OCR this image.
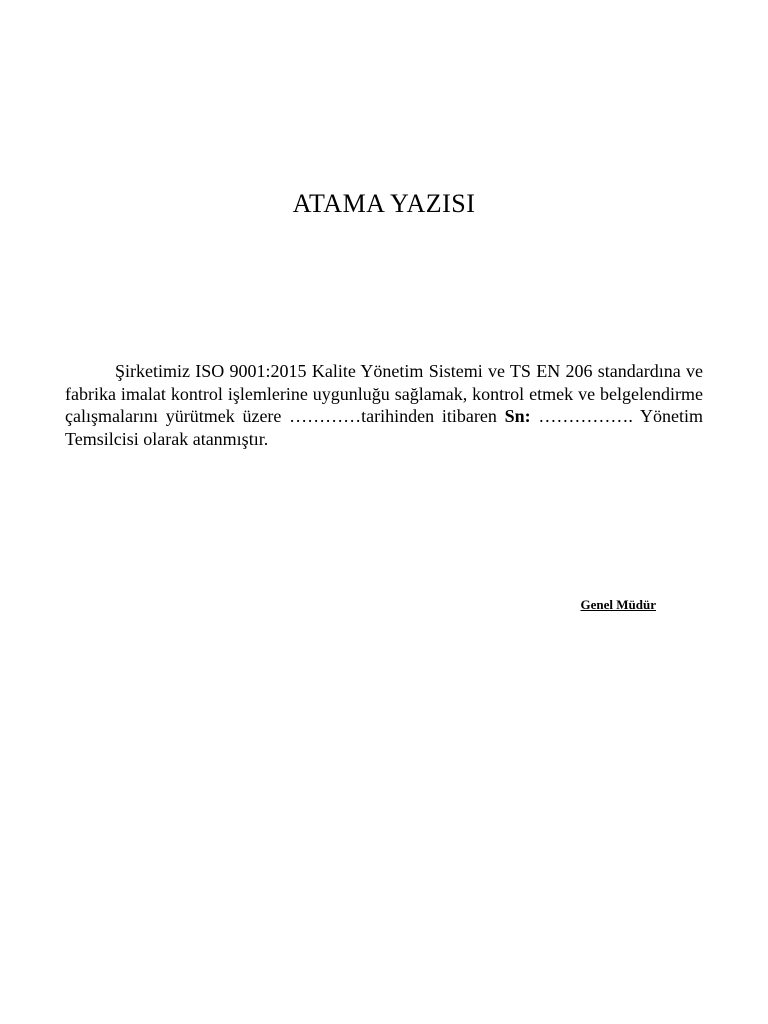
ATAMA YAZISI

Şirketimiz ISO 9001:2015 Kalite Yönetim Sistemi ve TS EN 206 standardına ve fabrika imalat kontrol işlemlerine uygunluğu sağlamak, kontrol etmek ve belgelendirme çalışmalarını yürütmek üzere …………tarihinden itibaren Sn: ……………. Yönetim Temsilcisi olarak atanmıştır.

Genel Müdür
